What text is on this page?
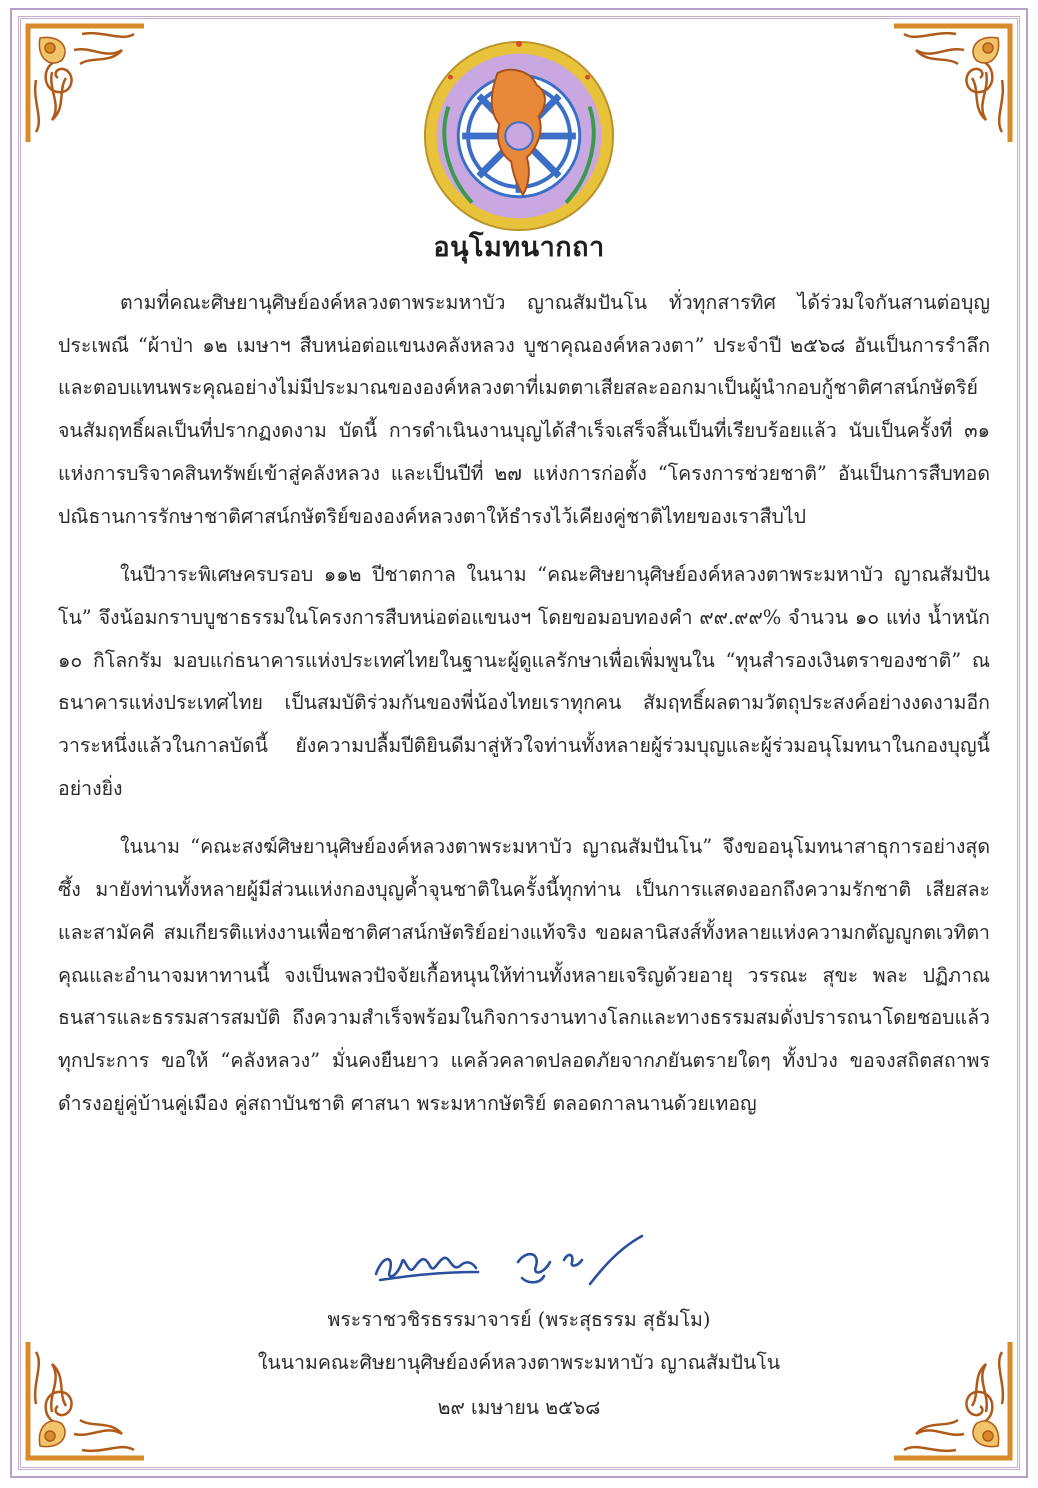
อนุโมทนากถา

ตามที่คณะศิษยานุศิษย์องค์หลวงตาพระมหาบัว ญาณสัมปันโน ทั่วทุกสารทิศ ได้ร่วมใจกันสานต่อบุญประเพณี “ผ้าป่า ๑๒ เมษาฯ สืบหน่อต่อแขนงคลังหลวง บูชาคุณองค์หลวงตา” ประจำปี ๒๕๖๘ อันเป็นการรำลึกและตอบแทนพระคุณอย่างไม่มีประมาณขององค์หลวงตาที่เมตตาเสียสละออกมาเป็นผู้นำกอบกู้ชาติศาสน์กษัตริย์จนสัมฤทธิ์ผลเป็นที่ปรากฏงดงาม บัดนี้ การดำเนินงานบุญได้สำเร็จเสร็จสิ้นเป็นที่เรียบร้อยแล้ว นับเป็นครั้งที่ ๓๑ แห่งการบริจาคสินทรัพย์เข้าสู่คลังหลวง และเป็นปีที่ ๒๗ แห่งการก่อตั้ง “โครงการช่วยชาติ” อันเป็นการสืบทอดปณิธานการรักษาชาติศาสน์กษัตริย์ขององค์หลวงตาให้ธำรงไว้เคียงคู่ชาติไทยของเราสืบไป

ในปีวาระพิเศษครบรอบ ๑๑๒ ปีชาตกาล ในนาม “คณะศิษยานุศิษย์องค์หลวงตาพระมหาบัว ญาณสัมปันโน” จึงน้อมกราบบูชาธรรมในโครงการสืบหน่อต่อแขนงฯ โดยขอมอบทองคำ ๙๙.๙๙% จำนวน ๑๐ แท่ง น้ำหนัก ๑๐ กิโลกรัม มอบแก่ธนาคารแห่งประเทศไทยในฐานะผู้ดูแลรักษาเพื่อเพิ่มพูนใน “ทุนสำรองเงินตราของชาติ” ณ ธนาคารแห่งประเทศไทย เป็นสมบัติร่วมกันของพี่น้องไทยเราทุกคน สัมฤทธิ์ผลตามวัตถุประสงค์อย่างงดงามอีกวาระหนึ่งแล้วในกาลบัดนี้ ยังความปลื้มปีติยินดีมาสู่หัวใจท่านทั้งหลายผู้ร่วมบุญและผู้ร่วมอนุโมทนาในกองบุญนี้อย่างยิ่ง

ในนาม “คณะสงฆ์ศิษยานุศิษย์องค์หลวงตาพระมหาบัว ญาณสัมปันโน” จึงขออนุโมทนาสาธุการอย่างสุดซึ้ง มายังท่านทั้งหลายผู้มีส่วนแห่งกองบุญค้ำจุนชาติในครั้งนี้ทุกท่าน เป็นการแสดงออกถึงความรักชาติ เสียสละ และสามัคคี สมเกียรติแห่งงานเพื่อชาติศาสน์กษัตริย์อย่างแท้จริง ขอผลานิสงส์ทั้งหลายแห่งความกตัญญูกตเวทิตาคุณและอำนาจมหาทานนี้ จงเป็นพลวปัจจัยเกื้อหนุนให้ท่านทั้งหลายเจริญด้วยอายุ วรรณะ สุขะ พละ ปฏิภาณ ธนสารและธรรมสารสมบัติ ถึงความสำเร็จพร้อมในกิจการงานทางโลกและทางธรรมสมดั่งปรารถนาโดยชอบแล้วทุกประการ ขอให้ “คลังหลวง” มั่นคงยืนยาว แคล้วคลาดปลอดภัยจากภยันตรายใดๆ ทั้งปวง ขอจงสถิตสถาพรดำรงอยู่คู่บ้านคู่เมือง คู่สถาบันชาติ ศาสนา พระมหากษัตริย์ ตลอดกาลนานด้วยเทอญ

พระราชวชิรธรรมาจารย์ (พระสุธรรม สุธัมโม)
ในนามคณะศิษยานุศิษย์องค์หลวงตาพระมหาบัว ญาณสัมปันโน
๒๙ เมษายน ๒๕๖๘
